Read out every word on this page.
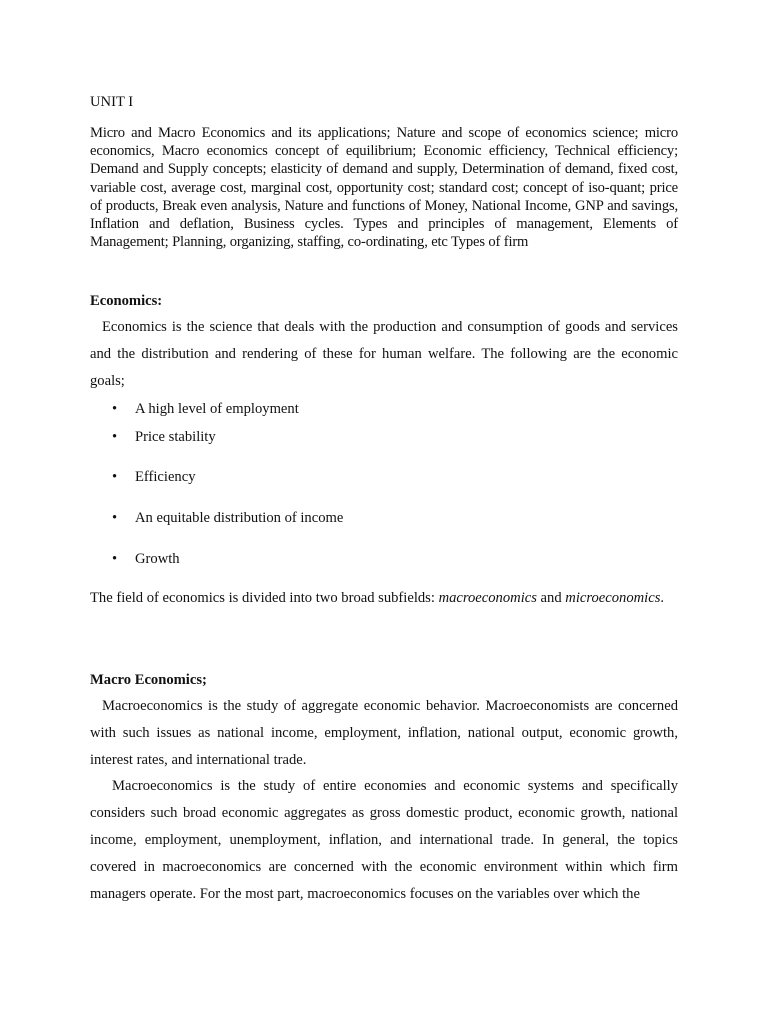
UNIT I

Micro and Macro Economics and its applications; Nature and scope of economics science; micro economics, Macro economics concept of equilibrium; Economic efficiency, Technical efficiency; Demand and Supply concepts; elasticity of demand and supply, Determination of demand, fixed cost, variable cost, average cost, marginal cost, opportunity cost; standard cost; concept of iso-quant; price of products, Break even analysis, Nature and functions of Money, National Income, GNP and savings, Inflation and deflation, Business cycles. Types and principles of management, Elements of Management; Planning, organizing, staffing, co-ordinating, etc Types of firm

Economics:

Economics is the science that deals with the production and consumption of goods and services and the distribution and rendering of these for human welfare. The following are the economic goals;

• A high level of employment
• Price stability
• Efficiency
• An equitable distribution of income
• Growth

The field of economics is divided into two broad subfields: macroeconomics and microeconomics.

Macro Economics;

Macroeconomics is the study of aggregate economic behavior. Macroeconomists are concerned with such issues as national income, employment, inflation, national output, economic growth, interest rates, and international trade.

Macroeconomics is the study of entire economies and economic systems and specifically considers such broad economic aggregates as gross domestic product, economic growth, national income, employment, unemployment, inflation, and international trade. In general, the topics covered in macroeconomics are concerned with the economic environment within which firm managers operate. For the most part, macroeconomics focuses on the variables over which the
